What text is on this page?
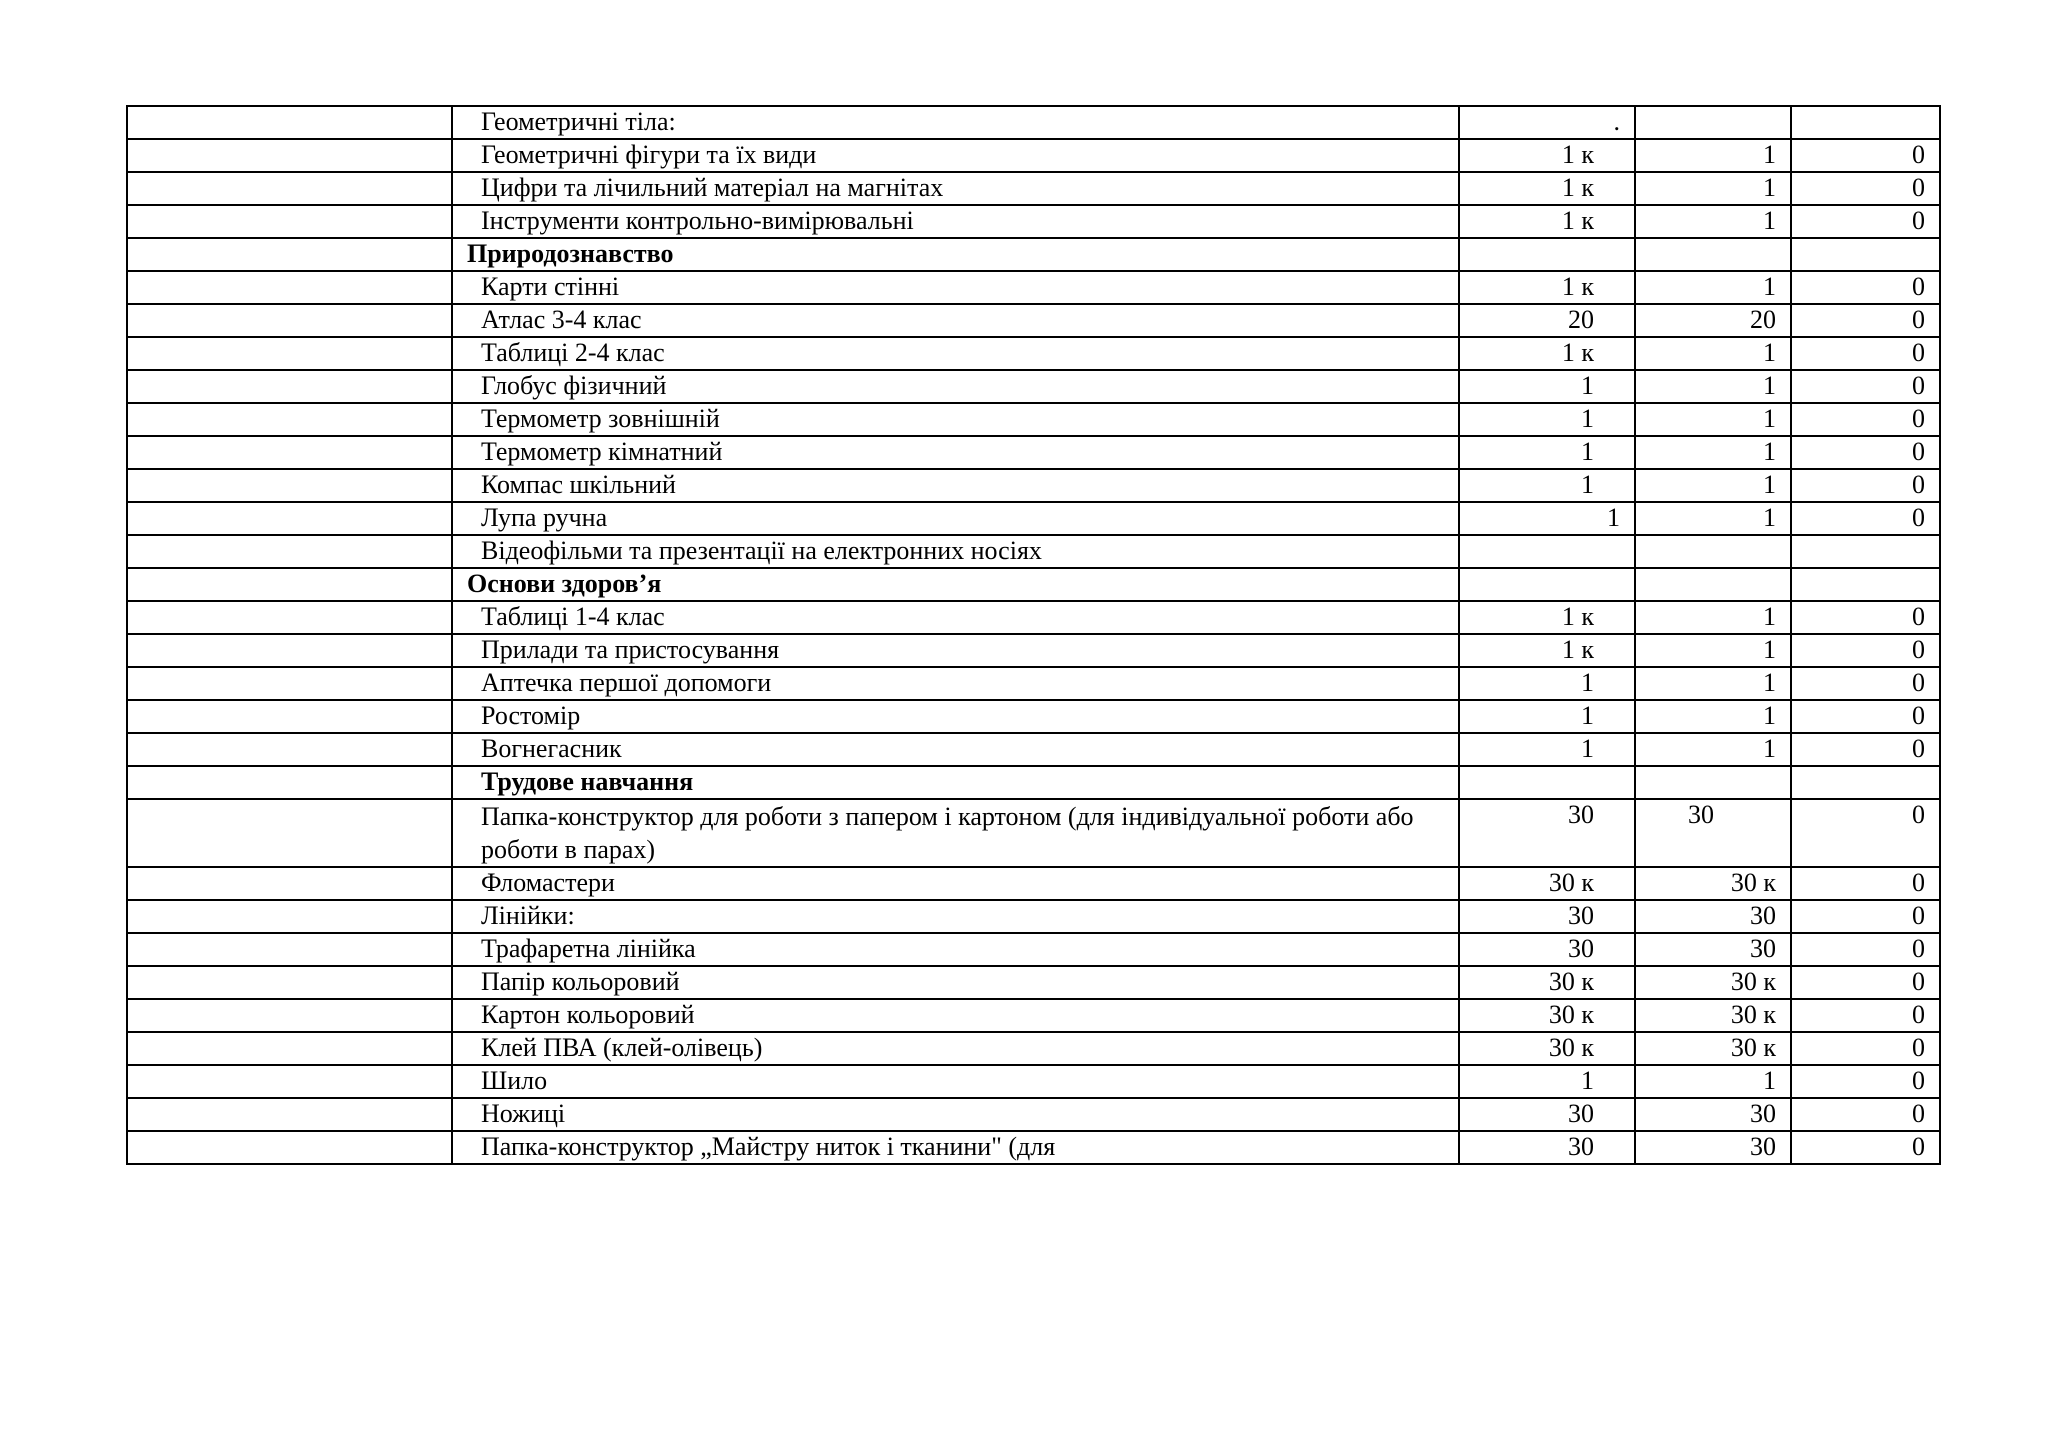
	Геометричні тіла:	.		
	Геометричні фігури та їх види	1 к	1	0
	Цифри та лічильний матеріал на магнітах	1 к	1	0
	Інструменти контрольно-вимірювальні	1 к	1	0
	Природознавство			
	Карти стінні	1 к	1	0
	Атлас 3-4 клас	20	20	0
	Таблиці 2-4 клас	1 к	1	0
	Глобус фізичний	1	1	0
	Термометр зовнішній	1	1	0
	Термометр кімнатний	1	1	0
	Компас шкільний	1	1	0
	Лупа ручна	1	1	0
	Відеофільми та презентації на електронних носіях			
	Основи здоров’я			
	Таблиці 1-4 клас	1 к	1	0
	Прилади та пристосування	1 к	1	0
	Аптечка першої допомоги	1	1	0
	Ростомір	1	1	0
	Вогнегасник	1	1	0
	Трудове навчання			
	Папка-конструктор для роботи з папером і картоном (для індивідуальної роботи або роботи в парах)	30	30	0
	Фломастери	30 к	30 к	0
	Лінійки:	30	30	0
	Трафаретна лінійка	30	30	0
	Папір кольоровий	30 к	30 к	0
	Картон кольоровий	30 к	30 к	0
	Клей ПВА (клей-олівець)	30 к	30 к	0
	Шило	1	1	0
	Ножиці	30	30	0
	Папка-конструктор „Майстру ниток і тканини" (для	30	30	0
